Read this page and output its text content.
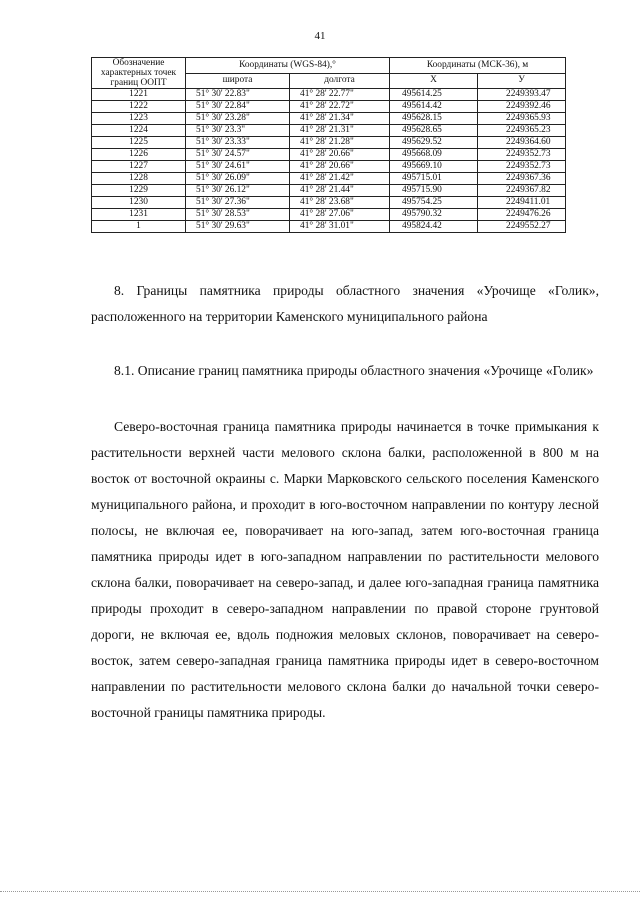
41
Обозначение характерных точек границ ООПТ	Координаты (WGS-84),°		Координаты (МСК-36), м	
	широта	долгота	X	У
1221	51° 30' 22.83"	41° 28' 22.77"	495614.25	2249393.47
1222	51° 30' 22.84"	41° 28' 22.72"	495614.42	2249392.46
1223	51° 30' 23.28"	41° 28' 21.34"	495628.15	2249365.93
1224	51° 30' 23.3"	41° 28' 21.31"	495628.65	2249365.23
1225	51° 30' 23.33"	41° 28' 21.28"	495629.52	2249364.60
1226	51° 30' 24.57"	41° 28' 20.66"	495668.09	2249352.73
1227	51° 30' 24.61"	41° 28' 20.66"	495669.10	2249352.73
1228	51° 30' 26.09"	41° 28' 21.42"	495715.01	2249367.36
1229	51° 30' 26.12"	41° 28' 21.44"	495715.90	2249367.82
1230	51° 30' 27.36"	41° 28' 23.68"	495754.25	2249411.01
1231	51° 30' 28.53"	41° 28' 27.06"	495790.32	2249476.26
1	51° 30' 29.63"	41° 28' 31.01"	495824.42	2249552.27
8. Границы памятника природы областного значения «Урочище «Голик», расположенного на территории Каменского муниципального района
8.1. Описание границ памятника природы областного значения «Урочище «Голик»
Северо-восточная граница памятника природы начинается в точке примыкания к растительности верхней части мелового склона балки, расположенной в 800 м на восток от восточной окраины с. Марки Марковского сельского поселения Каменского муниципального района, и проходит в юго-восточном направлении по контуру лесной полосы, не включая ее, поворачивает на юго-запад, затем юго-восточная граница памятника природы идет в юго-западном направлении по растительности мелового склона балки, поворачивает на северо-запад, и далее юго-западная граница памятника природы проходит в северо-западном направлении по правой стороне грунтовой дороги, не включая ее, вдоль подножия меловых склонов, поворачивает на северо-восток, затем северо-западная граница памятника природы идет в северо-восточном направлении по растительности мелового склона балки до начальной точки северо-восточной границы памятника природы.
